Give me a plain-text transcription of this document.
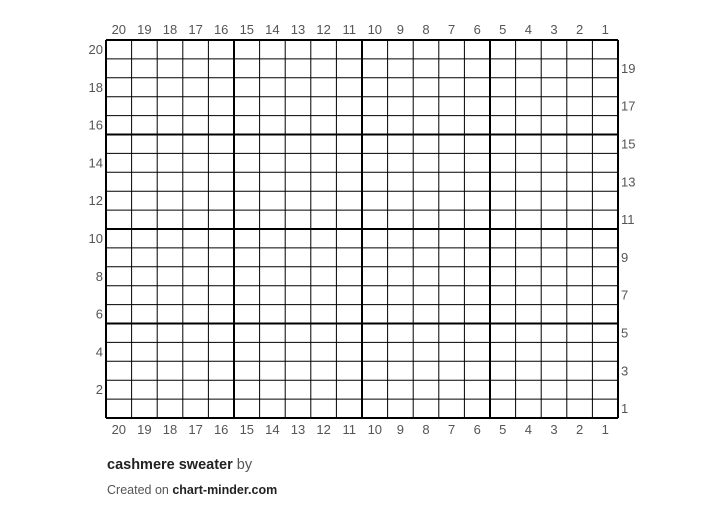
20 19 18 17 16 15 14 13 12 11 10 9 8 7 6 5 4 3 2 1
20 19 18 17 16 15 14 13 12 11 10 9 8 7 6 5 4 3 2 1
20
18
16
14
12
10
8
6
4
2
19
17
15
13
11
9
7
5
3
1
cashmere sweater by
Created on chart-minder.com
